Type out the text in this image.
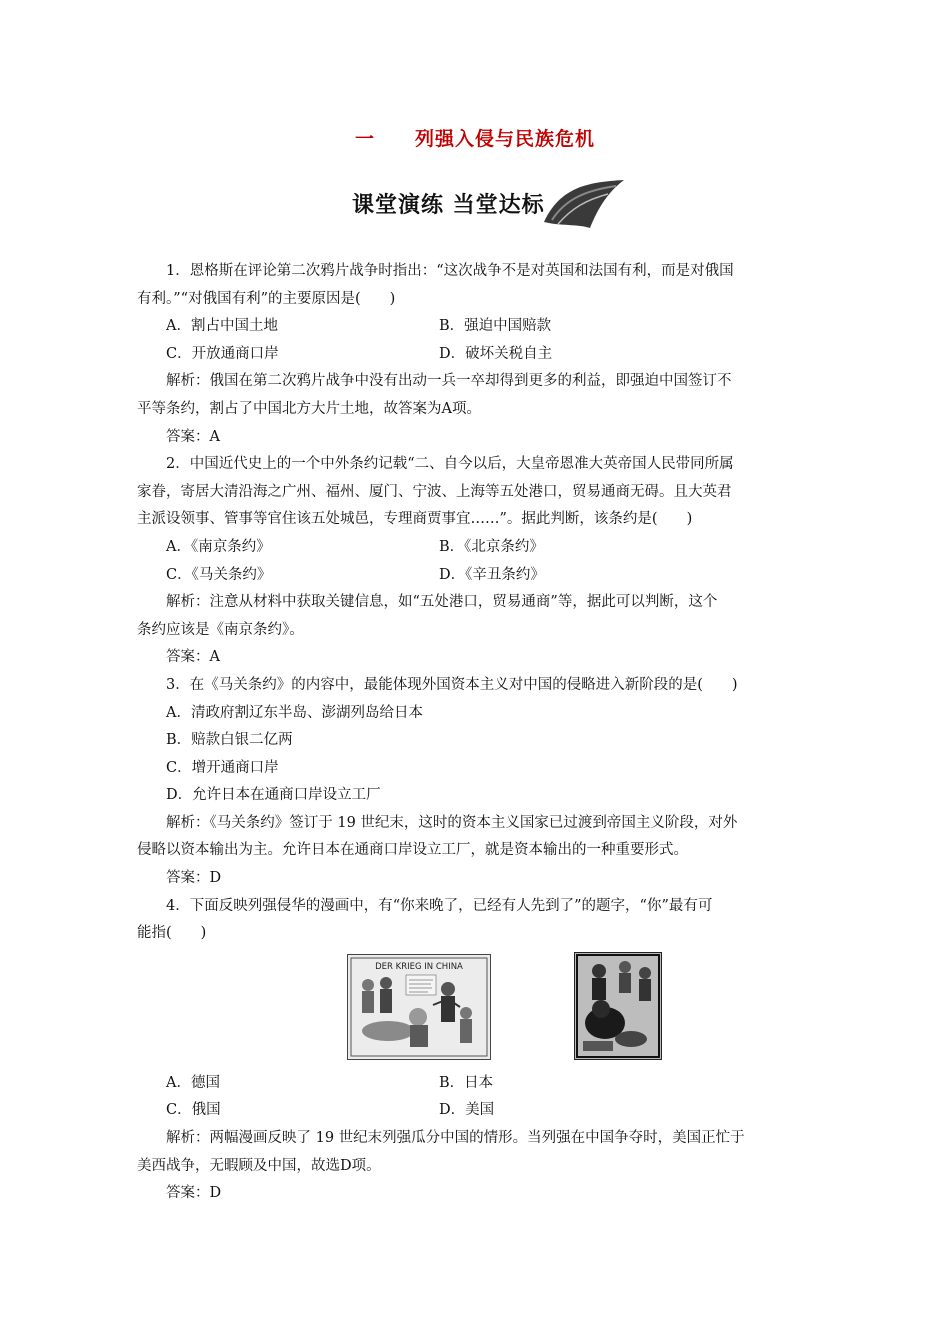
一 列强入侵与民族危机
课堂演练 当堂达标

1．恩格斯在评论第二次鸦片战争时指出：“这次战争不是对英国和法国有利，而是对俄国

有利。”“对俄国有利”的主要原因是(　　)
A．割占中国土地	B．强迫中国赔款
C．开放通商口岸	D．破坏关税自主

解析：俄国在第二次鸦片战争中没有出动一兵一卒却得到更多的利益，即强迫中国签订不

平等条约，割占了中国北方大片土地，故答案为A项。
答案：A

2．中国近代史上的一个中外条约记载“二、自今以后，大皇帝恩准大英帝国人民带同所属

家眷，寄居大清沿海之广州、福州、厦门、宁波、上海等五处港口，贸易通商无碍。且大英君
主派设领事、管事等官住该五处城邑，专理商贾事宜……”。据此判断，该条约是(　　)
A．《南京条约》	B．《北京条约》
C．《马关条约》	D．《辛丑条约》

解析：注意从材料中获取关键信息，如“五处港口，贸易通商”等，据此可以判断，这个

条约应该是《南京条约》。
答案：A

3．在《马关条约》的内容中，最能体现外国资本主义对中国的侵略进入新阶段的是(　　)

A．清政府割辽东半岛、澎湖列岛给日本
B．赔款白银二亿两
C．增开通商口岸
D．允许日本在通商口岸设立工厂

解析：《马关条约》签订于 19 世纪末，这时的资本主义国家已过渡到帝国主义阶段，对外

侵略以资本输出为主。允许日本在通商口岸设立工厂，就是资本输出的一种重要形式。
答案：D

4．下面反映列强侵华的漫画中，有“你来晚了，已经有人先到了”的题字，“你”最有可

能指(　　)
DER KRIEG IN CHINA
A．德国	B．日本
C．俄国	D．美国

解析：两幅漫画反映了 19 世纪末列强瓜分中国的情形。当列强在中国争夺时，美国正忙于

美西战争，无暇顾及中国，故选D项。
答案：D
